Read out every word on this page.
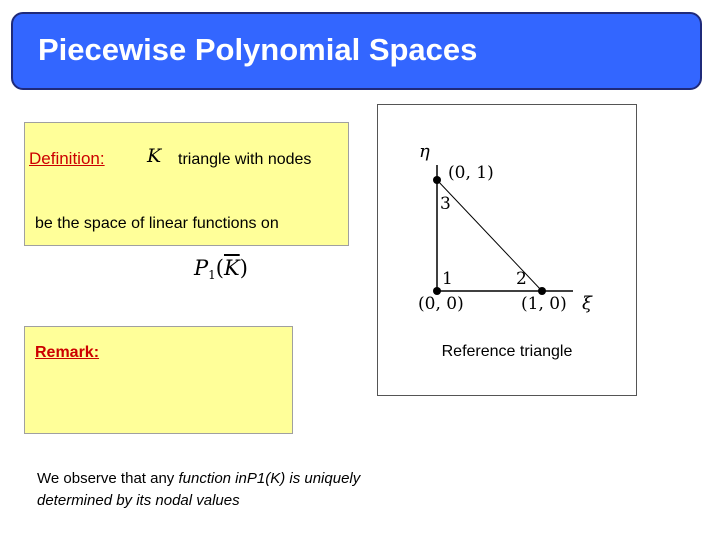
Piecewise Polynomial Spaces
Definition: K triangle with nodes
be the space of linear functions on
$P_1(\overline{K})$
Remark:
We observe that any function inP1(K) is uniquely determined by its nodal values
η
ξ
(0, 1)
(0, 0)	(1, 0)
3
1	2
Reference triangle
